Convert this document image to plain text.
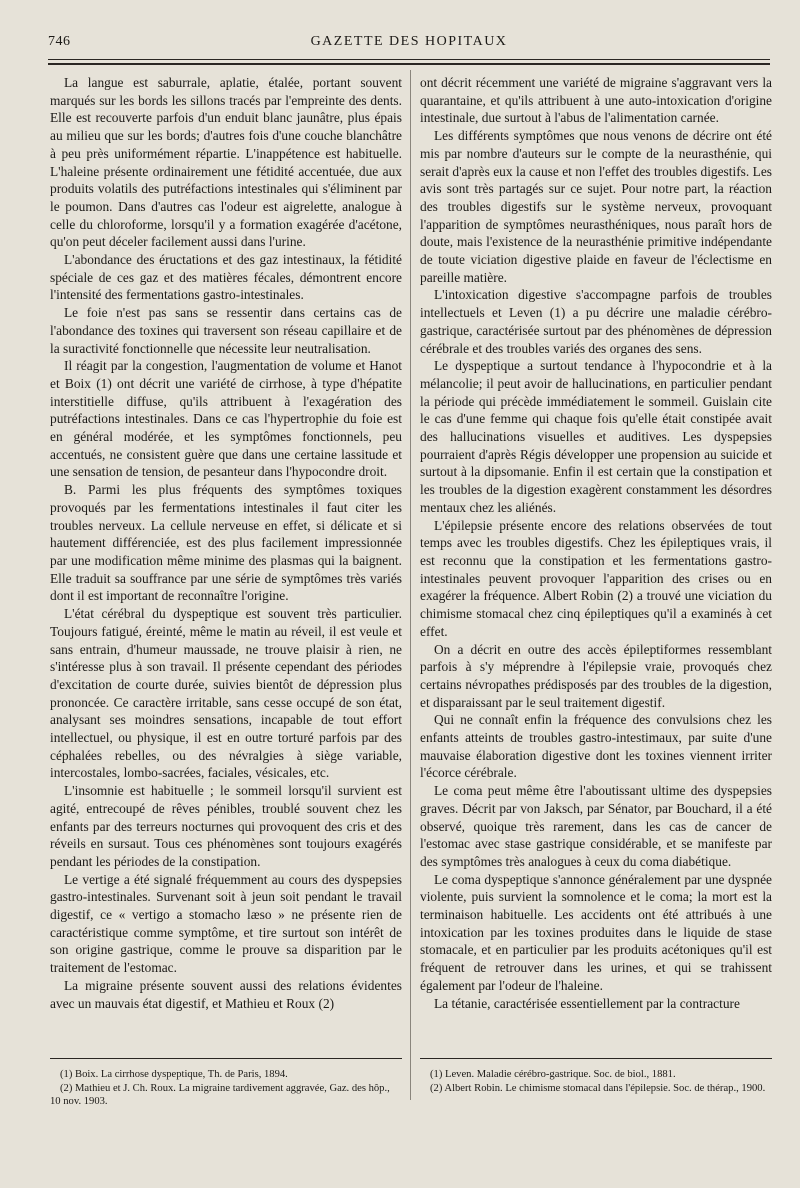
746	GAZETTE DES HOPITAUX

La langue est saburrale, aplatie, étalée, portant souvent marqués sur les bords les sillons tracés par l'empreinte des dents. Elle est recouverte parfois d'un enduit blanc jaunâtre, plus épais au milieu que sur les bords; d'autres fois d'une couche blanchâtre à peu près uniformément répartie. L'inappétence est habituelle. L'haleine présente ordinairement une fétidité accentuée, due aux produits volatils des putréfactions intestinales qui s'éliminent par le poumon. Dans d'autres cas l'odeur est aigrelette, analogue à celle du chloroforme, lorsqu'il y a formation exagérée d'acétone, qu'on peut déceler facilement aussi dans l'urine.

L'abondance des éructations et des gaz intestinaux, la fétidité spéciale de ces gaz et des matières fécales, démontrent encore l'intensité des fermentations gastro-intestinales.

Le foie n'est pas sans se ressentir dans certains cas de l'abondance des toxines qui traversent son réseau capillaire et de la suractivité fonctionnelle que nécessite leur neutralisation.

Il réagit par la congestion, l'augmentation de volume et Hanot et Boix (1) ont décrit une variété de cirrhose, à type d'hépatite interstitielle diffuse, qu'ils attribuent à l'exagération des putréfactions intestinales. Dans ce cas l'hypertrophie du foie est en général modérée, et les symptômes fonctionnels, peu accentués, ne consistent guère que dans une certaine lassitude et une sensation de tension, de pesanteur dans l'hypocondre droit.

B. Parmi les plus fréquents des symptômes toxiques provoqués par les fermentations intestinales il faut citer les troubles nerveux. La cellule nerveuse en effet, si délicate et si hautement différenciée, est des plus facilement impressionnée par une modification même minime des plasmas qui la baignent. Elle traduit sa souffrance par une série de symptômes très variés dont il est important de reconnaître l'origine.

L'état cérébral du dyspeptique est souvent très particulier. Toujours fatigué, éreinté, même le matin au réveil, il est veule et sans entrain, d'humeur maussade, ne trouve plaisir à rien, ne s'intéresse plus à son travail. Il présente cependant des périodes d'excitation de courte durée, suivies bientôt de dépression plus prononcée. Ce caractère irritable, sans cesse occupé de son état, analysant ses moindres sensations, incapable de tout effort intellectuel, ou physique, il est en outre torturé parfois par des céphalées rebelles, ou des névralgies à siège variable, intercostales, lombo-sacrées, faciales, vésicales, etc.

L'insomnie est habituelle ; le sommeil lorsqu'il survient est agité, entrecoupé de rêves pénibles, troublé souvent chez les enfants par des terreurs nocturnes qui provoquent des cris et des réveils en sursaut. Tous ces phénomènes sont toujours exagérés pendant les périodes de la constipation.

Le vertige a été signalé fréquemment au cours des dyspepsies gastro-intestinales. Survenant soit à jeun soit pendant le travail digestif, ce « vertigo a stomacho læso » ne présente rien de caractéristique comme symptôme, et tire surtout son intérêt de son origine gastrique, comme le prouve sa disparition par le traitement de l'estomac.

La migraine présente souvent aussi des relations évidentes avec un mauvais état digestif, et Mathieu et Roux (2)

ont décrit récemment une variété de migraine s'aggravant vers la quarantaine, et qu'ils attribuent à une auto-intoxication d'origine intestinale, due surtout à l'abus de l'alimentation carnée.

Les différents symptômes que nous venons de décrire ont été mis par nombre d'auteurs sur le compte de la neurasthénie, qui serait d'après eux la cause et non l'effet des troubles digestifs. Les avis sont très partagés sur ce sujet. Pour notre part, la réaction des troubles digestifs sur le système nerveux, provoquant l'apparition de symptômes neurasthéniques, nous paraît hors de doute, mais l'existence de la neurasthénie primitive indépendante de toute viciation digestive plaide en faveur de l'éclectisme en pareille matière.

L'intoxication digestive s'accompagne parfois de troubles intellectuels et Leven (1) a pu décrire une maladie cérébro-gastrique, caractérisée surtout par des phénomènes de dépression cérébrale et des troubles variés des organes des sens.

Le dyspeptique a surtout tendance à l'hypocondrie et à la mélancolie; il peut avoir de hallucinations, en particulier pendant la période qui précède immédiatement le sommeil. Guislain cite le cas d'une femme qui chaque fois qu'elle était constipée avait des hallucinations visuelles et auditives. Les dyspepsies pourraient d'après Régis développer une propension au suicide et surtout à la dipsomanie. Enfin il est certain que la constipation et les troubles de la digestion exagèrent constamment les désordres mentaux chez les aliénés.

L'épilepsie présente encore des relations observées de tout temps avec les troubles digestifs. Chez les épileptiques vrais, il est reconnu que la constipation et les fermentations gastro-intestinales peuvent provoquer l'apparition des crises ou en exagérer la fréquence. Albert Robin (2) a trouvé une viciation du chimisme stomacal chez cinq épileptiques qu'il a examinés à cet effet.

On a décrit en outre des accès épileptiformes ressemblant parfois à s'y méprendre à l'épilepsie vraie, provoqués chez certains névropathes prédisposés par des troubles de la digestion, et disparaissant par le seul traitement digestif.

Qui ne connaît enfin la fréquence des convulsions chez les enfants atteints de troubles gastro-intestimaux, par suite d'une mauvaise élaboration digestive dont les toxines viennent irriter l'écorce cérébrale.

Le coma peut même être l'aboutissant ultime des dyspepsies graves. Décrit par von Jaksch, par Sénator, par Bouchard, il a été observé, quoique très rarement, dans les cas de cancer de l'estomac avec stase gastrique considérable, et se manifeste par des symptômes très analogues à ceux du coma diabétique.

Le coma dyspeptique s'annonce généralement par une dyspnée violente, puis survient la somnolence et le coma; la mort est la terminaison habituelle. Les accidents ont été attribués à une intoxication par les toxines produites dans le liquide de stase stomacale, et en particulier par les produits acétoniques qu'il est fréquent de retrouver dans les urines, et qui se trahissent également par l'odeur de l'haleine.

La tétanie, caractérisée essentiellement par la contracture

(1) Boix. La cirrhose dyspeptique, Th. de Paris, 1894.
(2) Mathieu et J. Ch. Roux. La migraine tardivement aggravée, Gaz. des hôp., 10 nov. 1903.
(1) Leven. Maladie cérébro-gastrique. Soc. de biol., 1881.
(2) Albert Robin. Le chimisme stomacal dans l'épilepsie. Soc. de thérap., 1900.
